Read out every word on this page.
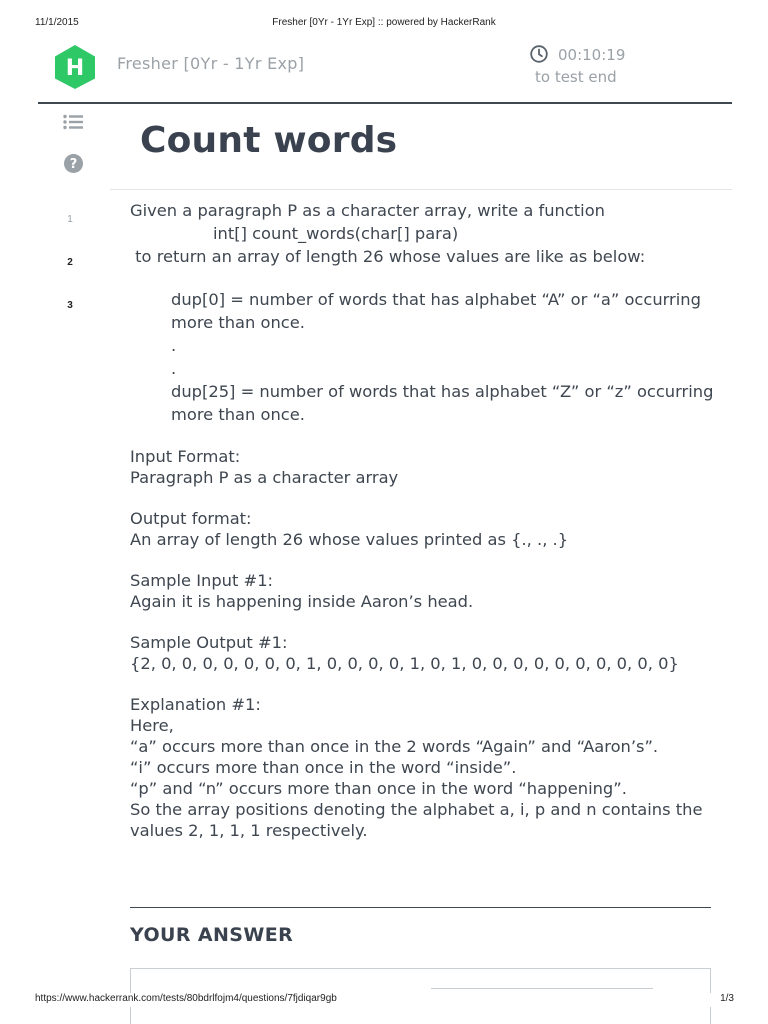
11/1/2015	Fresher [0Yr - 1Yr Exp] :: powered by HackerRank
H Fresher [0Yr - 1Yr Exp]	00:10:19
to test end
?
1
2
3
Count words

Given a paragraph P as a character array, write a function

int[] count_words(char[] para)

to return an array of length 26 whose values are like as below:

dup[0] = number of words that has alphabet “A” or “a” occurring more than once.

.

.

dup[25] = number of words that has alphabet “Z” or “z” occurring more than once.

Input Format:

Paragraph P as a character array

Output format:

An array of length 26 whose values printed as {., ., .}

Sample Input #1:

Again it is happening inside Aaron’s head.

Sample Output #1:

{2, 0, 0, 0, 0, 0, 0, 0, 1, 0, 0, 0, 0, 1, 0, 1, 0, 0, 0, 0, 0, 0, 0, 0, 0, 0}

Explanation #1:

Here,

“a” occurs more than once in the 2 words “Again” and “Aaron’s”.

“i” occurs more than once in the word “inside”.

“p” and “n” occurs more than once in the word “happening”.

So the array positions denoting the alphabet a, i, p and n contains the

values 2, 1, 1, 1 respectively.

YOUR ANSWER
https://www.hackerrank.com/tests/80bdrlfojm4/questions/7fjdiqar9gb	1/3
